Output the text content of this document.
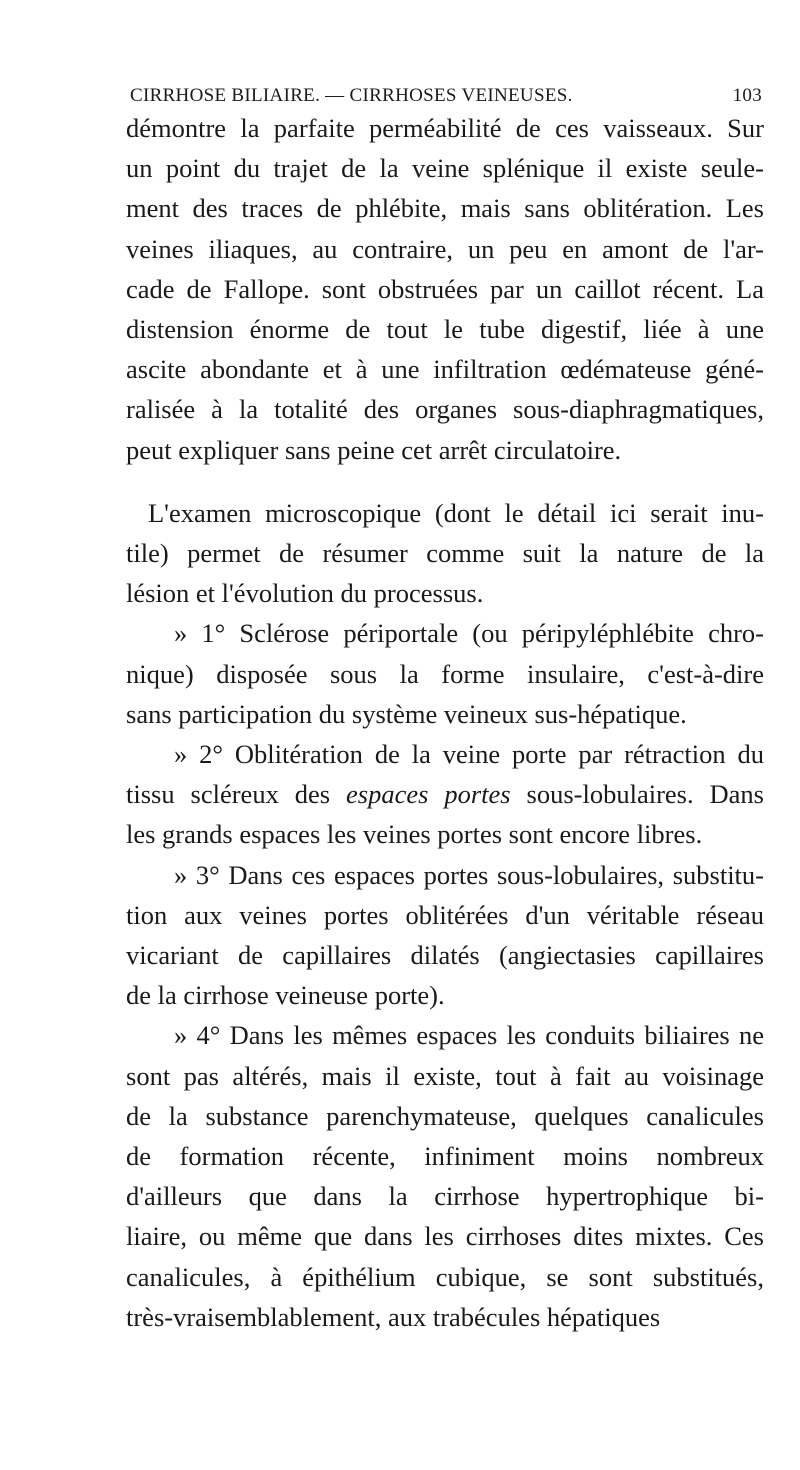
CIRRHOSE BILIAIRE. — CIRRHOSES VEINEUSES.	103
démontre la parfaite perméabilité de ces vaisseaux. Sur
un point du trajet de la veine splénique il existe seule-
ment des traces de phlébite, mais sans oblitération. Les
veines iliaques, au contraire, un peu en amont de l'ar-
cade de Fallope. sont obstruées par un caillot récent. La
distension énorme de tout le tube digestif, liée à une
ascite abondante et à une infiltration œdémateuse géné-
ralisée à la totalité des organes sous-diaphragmatiques,
peut expliquer sans peine cet arrêt circulatoire.
L'examen microscopique (dont le détail ici serait inu-
tile) permet de résumer comme suit la nature de la
lésion et l'évolution du processus.
» 1° Sclérose périportale (ou péripyléphlébite chro-
nique) disposée sous la forme insulaire, c'est-à-dire
sans participation du système veineux sus-hépatique.
» 2° Oblitération de la veine porte par rétraction du
tissu scléreux des espaces portes sous-lobulaires. Dans
les grands espaces les veines portes sont encore libres.
» 3° Dans ces espaces portes sous-lobulaires, substitu-
tion aux veines portes oblitérées d'un véritable réseau
vicariant de capillaires dilatés (angiectasies capillaires
de la cirrhose veineuse porte).
» 4° Dans les mêmes espaces les conduits biliaires ne
sont pas altérés, mais il existe, tout à fait au voisinage
de la substance parenchymateuse, quelques canalicules
de formation récente, infiniment moins nombreux
d'ailleurs que dans la cirrhose hypertrophique bi-
liaire, ou même que dans les cirrhoses dites mixtes. Ces
canalicules, à épithélium cubique, se sont substitués,
très-vraisemblablement, aux trabécules hépatiques
